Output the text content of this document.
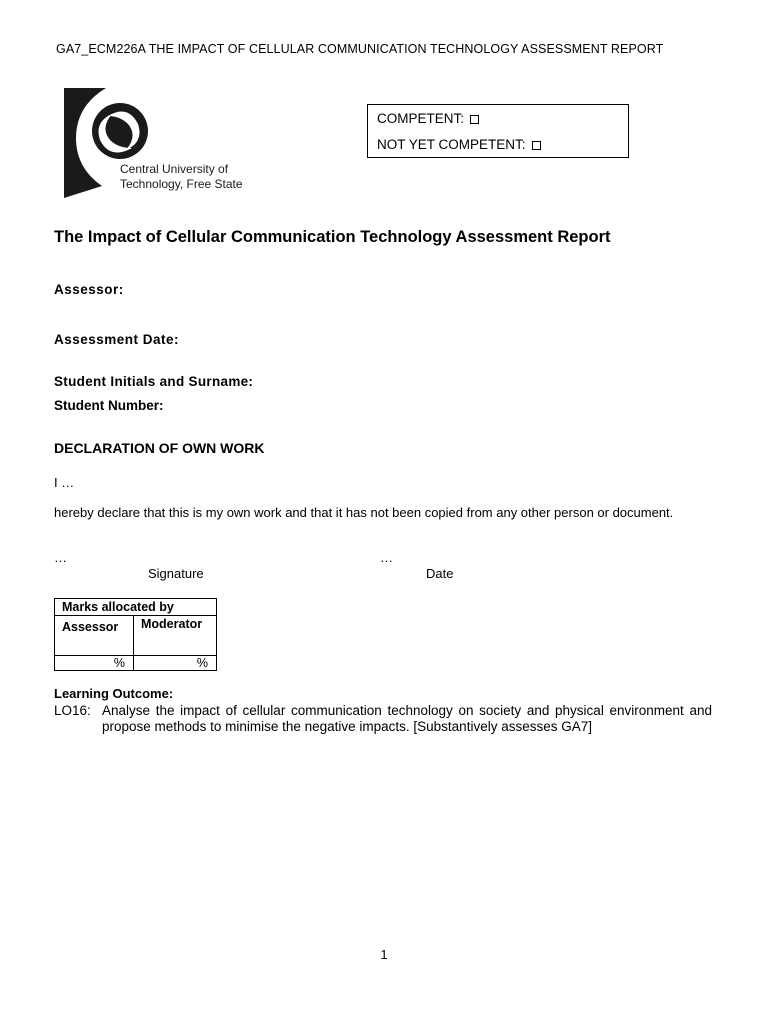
GA7_ECM226A THE IMPACT OF CELLULAR COMMUNICATION TECHNOLOGY ASSESSMENT REPORT
Central University of
Technology, Free State
COMPETENT:
NOT YET COMPETENT:
The Impact of Cellular Communication Technology Assessment Report
Assessor:
Assessment Date:
Student Initials and Surname:
Student Number:
DECLARATION OF OWN WORK
I …
hereby declare that this is my own work and that it has not been copied from any other person or document.
…	…
Signature	Date
Marks allocated by	
Assessor	Moderator
%	%
Learning Outcome:
LO16: Analyse the impact of cellular communication technology on society and physical environment and propose methods to minimise the negative impacts. [Substantively assesses GA7]
1
